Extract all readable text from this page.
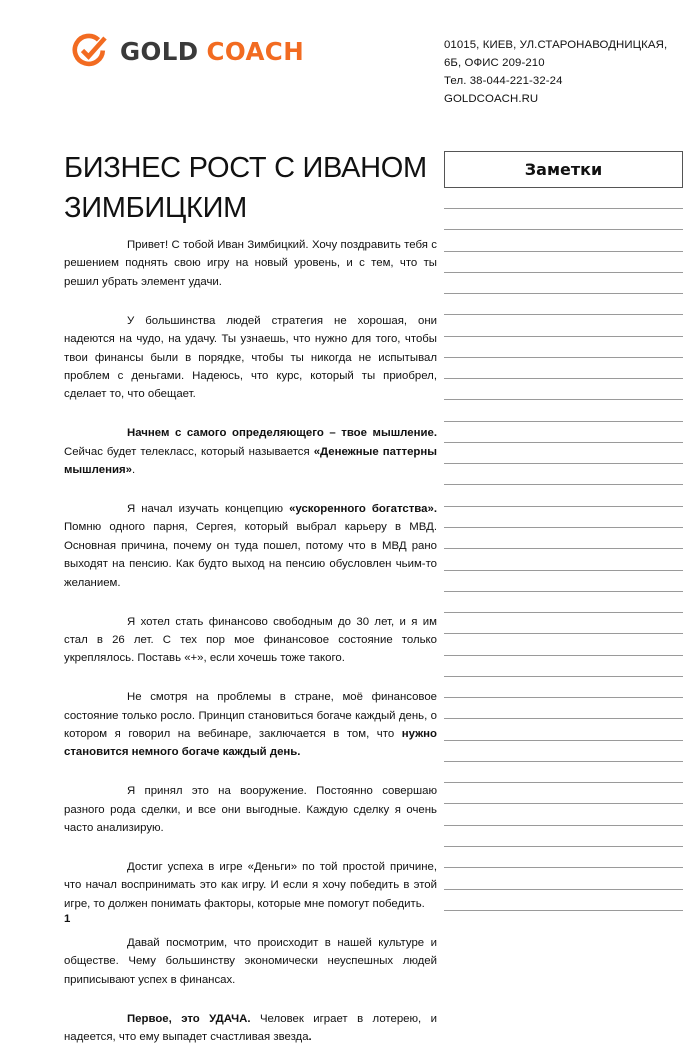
GOLD COACH	01015, КИЕВ, УЛ.СТАРОНАВОДНИЦКАЯ,
6Б, ОФИС 209-210
Тел. 38-044-221-32-24
GOLDCOACH.RU
БИЗНЕС РОСТ С ИВАНОМ ЗИМБИЦКИМ

Привет! С тобой Иван Зимбицкий. Хочу поздравить тебя с решением поднять свою игру на новый уровень, и с тем, что ты решил убрать элемент удачи.

У большинства людей стратегия не хорошая, они надеются на чудо, на удачу. Ты узнаешь, что нужно для того, чтобы твои финансы были в порядке, чтобы ты никогда не испытывал проблем с деньгами. Надеюсь, что курс, который ты приобрел, сделает то, что обещает.

Начнем с самого определяющего – твое мышление. Сейчас будет телекласс, который называется «Денежные паттерны мышления».

Я начал изучать концепцию «ускоренного богатства». Помню одного парня, Сергея, который выбрал карьеру в МВД. Основная причина, почему он туда пошел, потому что в МВД рано выходят на пенсию. Как будто выход на пенсию обусловлен чьим-то желанием.

Я хотел стать финансово свободным до 30 лет, и я им стал в 26 лет. С тех пор мое финансовое состояние только укреплялось. Поставь «+», если хочешь тоже такого.

Не смотря на проблемы в стране, моё финансовое состояние только росло. Принцип становиться богаче каждый день, о котором я говорил на вебинаре, заключается в том, что нужно становится немного богаче каждый день.

Я принял это на вооружение. Постоянно совершаю разного рода сделки, и все они выгодные. Каждую сделку я очень часто анализирую.

Достиг успеха в игре «Деньги» по той простой причине, что начал воспринимать это как игру. И если я хочу победить в этой игре, то должен понимать факторы, которые мне помогут победить.

Давай посмотрим, что происходит в нашей культуре и обществе. Чему большинству экономически неуспешных людей приписывают успех в финансах.

Первое, это УДАЧА. Человек играет в лотерею, и надеется, что ему выпадет счастливая звезда.

Заметки
1
